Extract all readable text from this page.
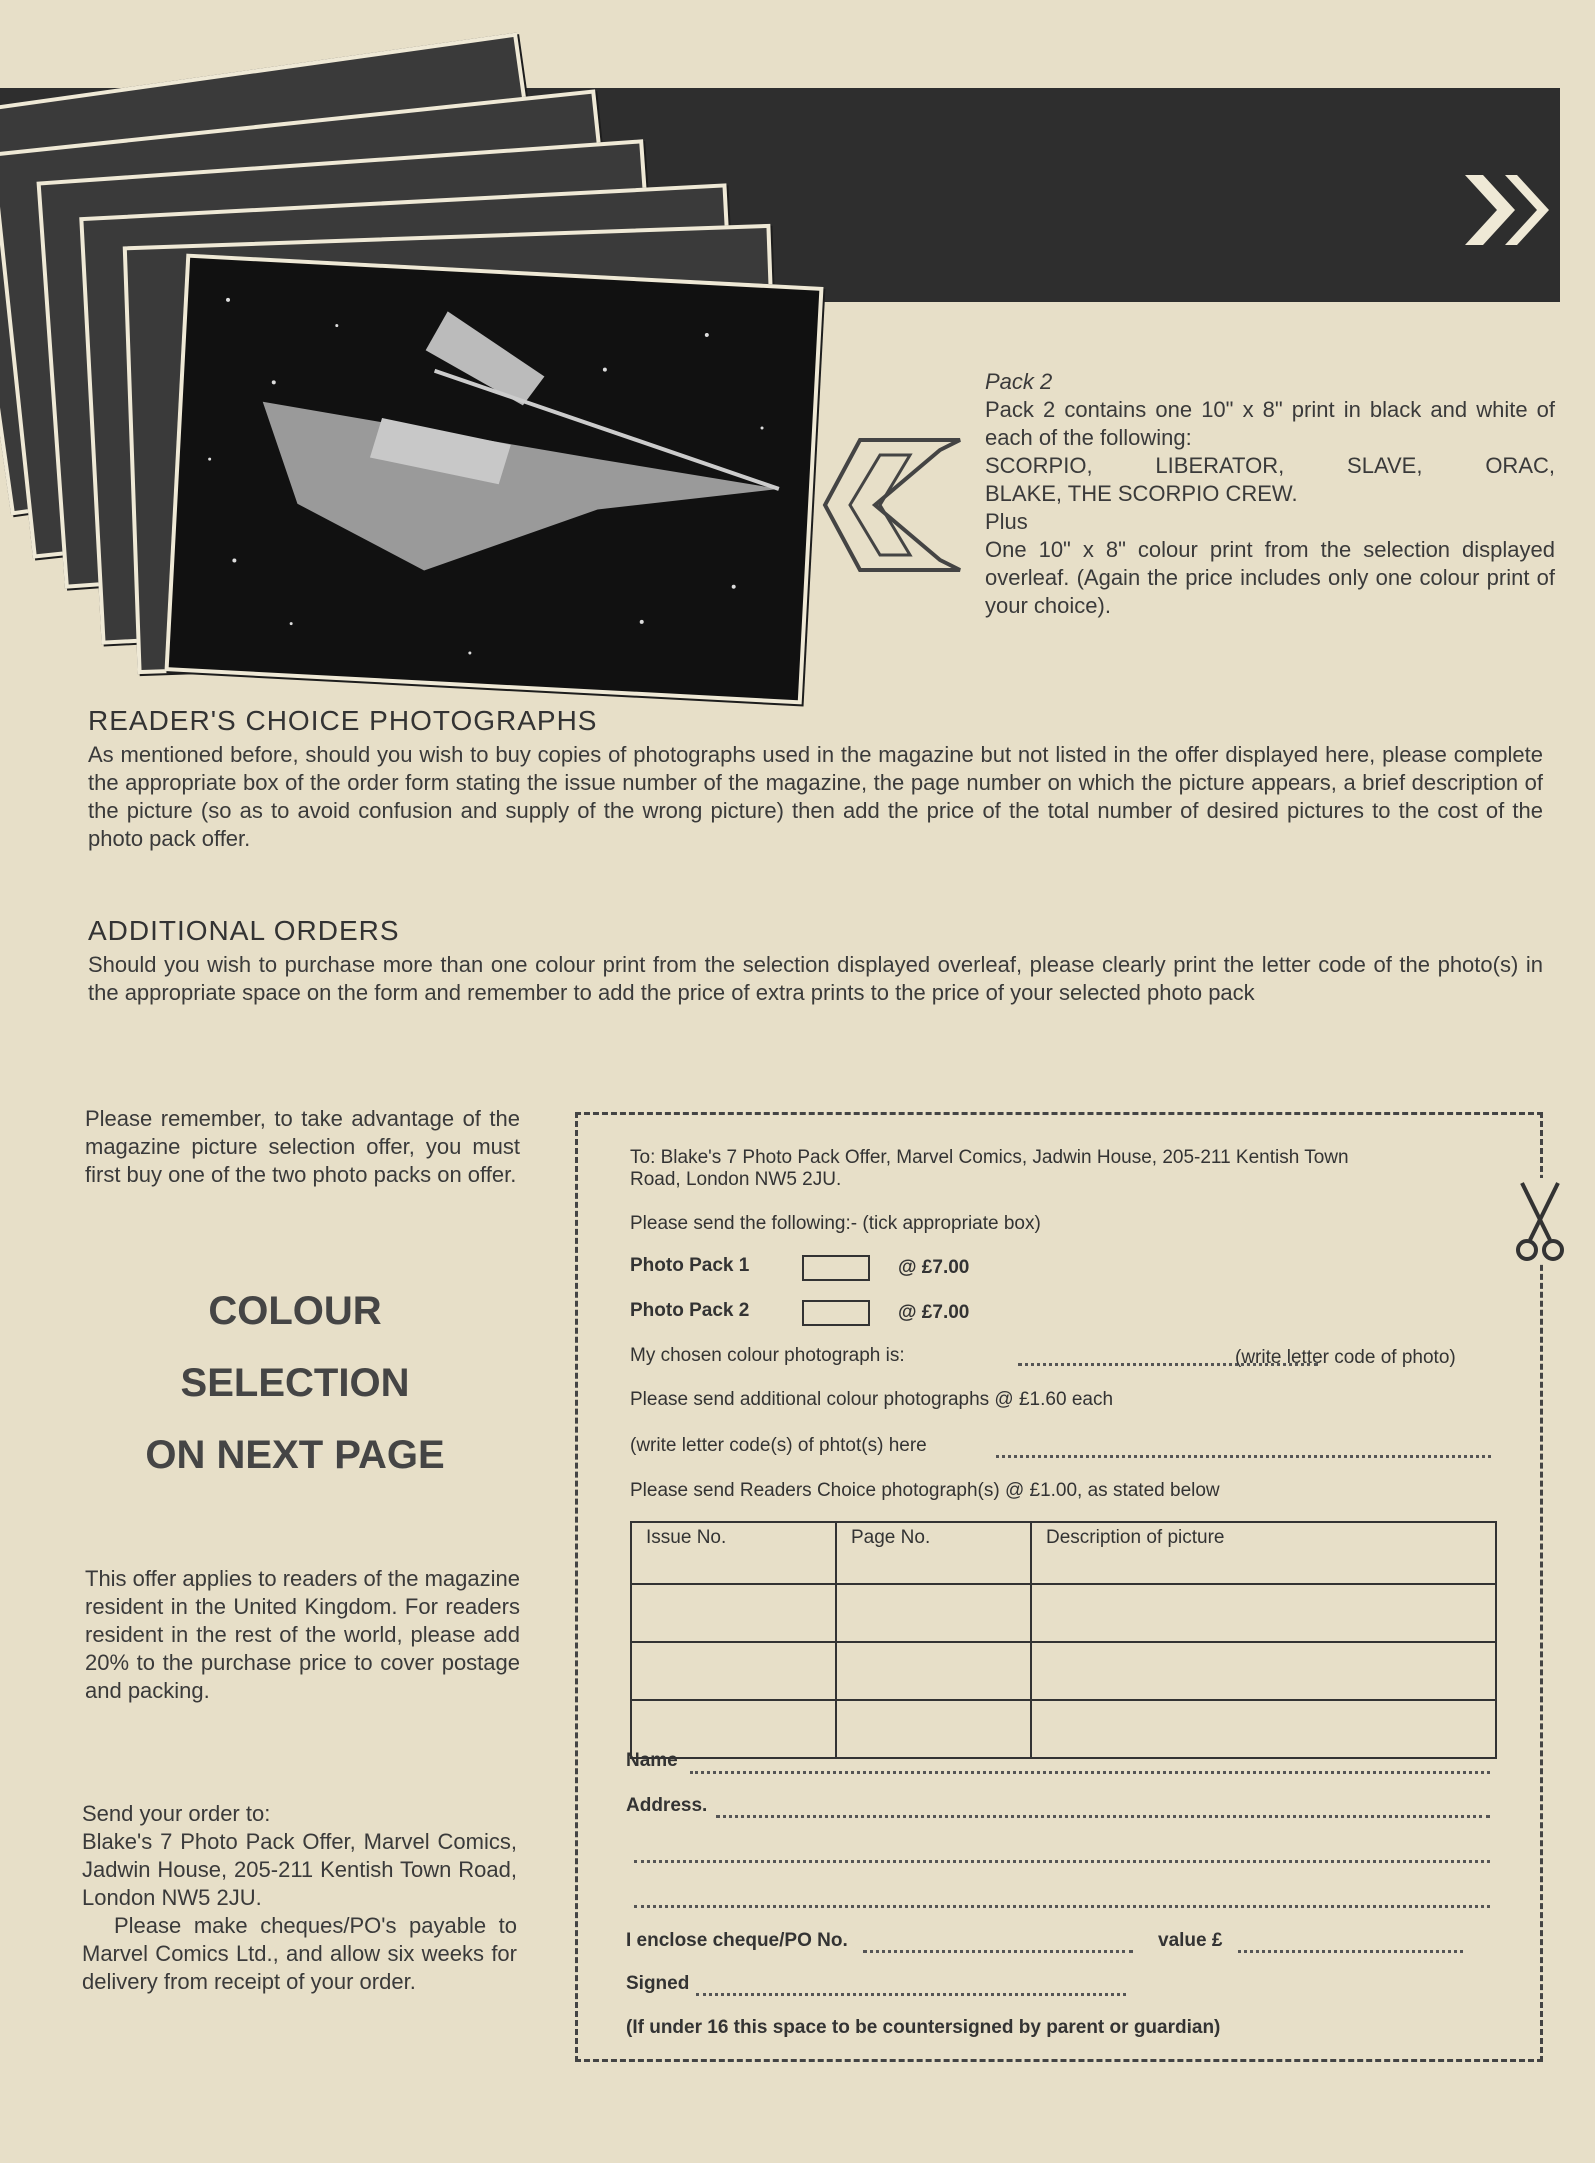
Pack 2

Pack 2 contains one 10" x 8" print in black and white of each of the following:

SCORPIO, LIBERATOR, SLAVE, ORAC,

BLAKE, THE SCORPIO CREW.

Plus

One 10" x 8" colour print from the selection displayed overleaf. (Again the price includes only one colour print of your choice).

READER'S CHOICE PHOTOGRAPHS

As mentioned before, should you wish to buy copies of photographs used in the magazine but not listed in the offer displayed here, please complete the appropriate box of the order form stating the issue number of the magazine, the page number on which the picture appears, a brief description of the picture (so as to avoid confusion and supply of the wrong picture) then add the price of the total number of desired pictures to the cost of the photo pack offer.

ADDITIONAL ORDERS

Should you wish to purchase more than one colour print from the selection displayed overleaf, please clearly print the letter code of the photo(s) in the appropriate space on the form and remember to add the price of extra prints to the price of your selected photo pack

Please remember, to take advantage of the magazine picture selection offer, you must first buy one of the two photo packs on offer.

COLOUR
SELECTION
ON NEXT PAGE

This offer applies to readers of the magazine resident in the United Kingdom. For readers resident in the rest of the world, please add 20% to the purchase price to cover postage and packing.

Send your order to:
Blake's 7 Photo Pack Offer, Marvel Comics, Jadwin House, 205-211 Kentish Town Road, London NW5 2JU.
Please make cheques/PO's payable to Marvel Comics Ltd., and allow six weeks for delivery from receipt of your order.
To: Blake's 7 Photo Pack Offer, Marvel Comics, Jadwin House, 205-211 Kentish Town
Road, London NW5 2JU.
Please send the following:- (tick appropriate box)
Photo Pack 1	@ £7.00
Photo Pack 2	@ £7.00
My chosen colour photograph is:	(write letter code of photo)
Please send additional colour photographs @ £1.60 each
(write letter code(s) of phtot(s) here
Please send Readers Choice photograph(s) @ £1.00, as stated below
Issue No.	Page No.	Description of picture

Name
Address.
I enclose cheque/PO No.	value £
Signed
(If under 16 this space to be countersigned by parent or guardian)
